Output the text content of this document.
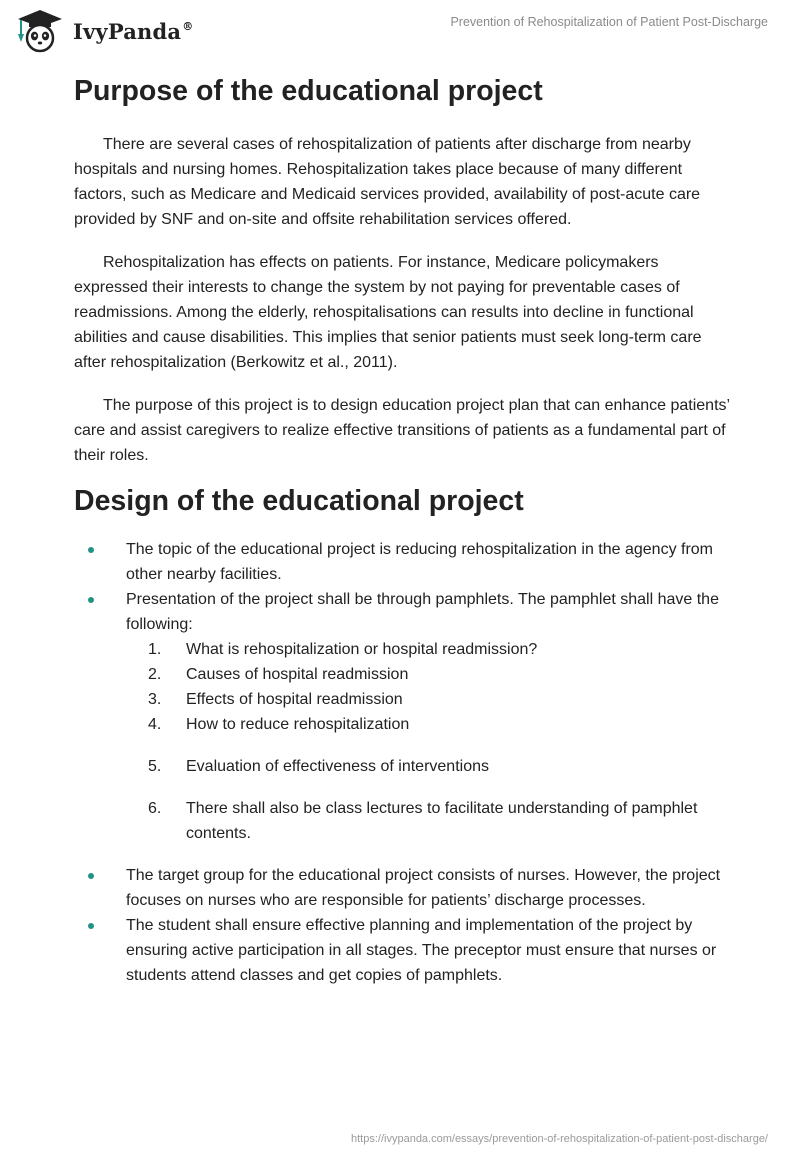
IvyPanda®	Prevention of Rehospitalization of Patient Post-Discharge
Purpose of the educational project

There are several cases of rehospitalization of patients after discharge from nearby hospitals and nursing homes. Rehospitalization takes place because of many different factors, such as Medicare and Medicaid services provided, availability of post-acute care provided by SNF and on-site and offsite rehabilitation services offered.

Rehospitalization has effects on patients. For instance, Medicare policymakers expressed their interests to change the system by not paying for preventable cases of readmissions. Among the elderly, rehospitalisations can results into decline in functional abilities and cause disabilities. This implies that senior patients must seek long-term care after rehospitalization (Berkowitz et al., 2011).

The purpose of this project is to design education project plan that can enhance patients’ care and assist caregivers to realize effective transitions of patients as a fundamental part of their roles.

Design of the educational project
The topic of the educational project is reducing rehospitalization in the agency from other nearby facilities.
Presentation of the project shall be through pamphlets. The pamphlet shall have the following:
1. What is rehospitalization or hospital readmission?
2. Causes of hospital readmission
3. Effects of hospital readmission
4. How to reduce rehospitalization
5. Evaluation of effectiveness of interventions
6. There shall also be class lectures to facilitate understanding of pamphlet contents.
The target group for the educational project consists of nurses. However, the project focuses on nurses who are responsible for patients’ discharge processes.
The student shall ensure effective planning and implementation of the project by ensuring active participation in all stages. The preceptor must ensure that nurses or students attend classes and get copies of pamphlets.
https://ivypanda.com/essays/prevention-of-rehospitalization-of-patient-post-discharge/
